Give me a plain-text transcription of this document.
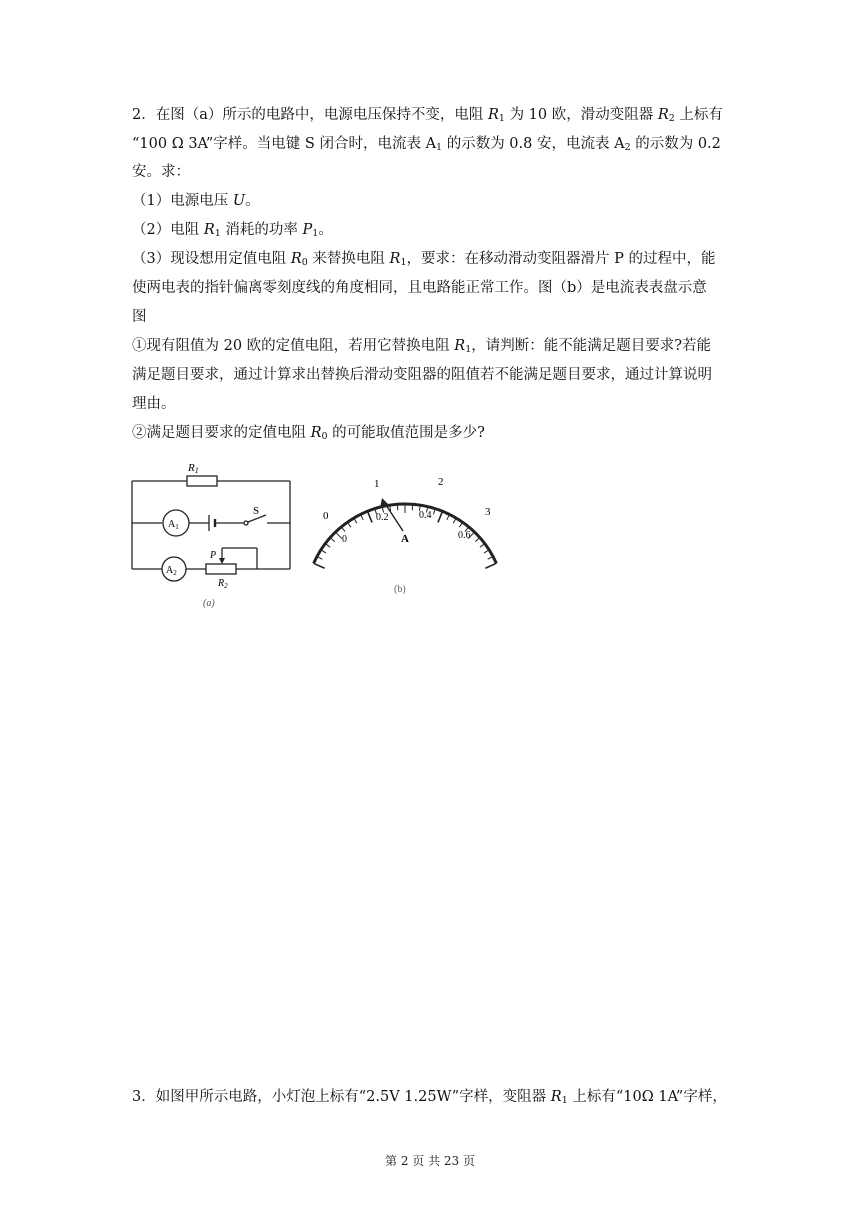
2．在图（a）所示的电路中，电源电压保持不变，电阻 $R_1$ 为 10 欧，滑动变阻器 $R_2$ 上标有
“100 Ω 3A”字样。当电键 S 闭合时，电流表 $A_1$ 的示数为 0.8 安，电流表 $A_2$ 的示数为 0.2
安。求：
（1）电源电压 U。
（2）电阻 $R_1$ 消耗的功率 $P_1$。
（3）现设想用定值电阻 $R_0$ 来替换电阻 $R_1$，要求：在移动滑动变阻器滑片 P 的过程中，能
使两电表的指针偏离零刻度线的角度相同，且电路能正常工作。图（b）是电流表表盘示意
图
①现有阻值为 20 欧的定值电阻，若用它替换电阻 $R_1$，请判断：能不能满足题目要求?若能
满足题目要求，通过计算求出替换后滑动变阻器的阻值若不能满足题目要求，通过计算说明
理由。
②满足题目要求的定值电阻 $R_0$ 的可能取值范围是多少?
R1
$A_1$
S
$A_2$
P
$R_2$
(a)
0
1	2
3
0
0.2	0.4
0.6
A
(b)
3．如图甲所示电路，小灯泡上标有“2.5V 1.25W”字样，变阻器 $R_1$ 上标有“10Ω 1A”字样，
第 2 页 共 23 页
